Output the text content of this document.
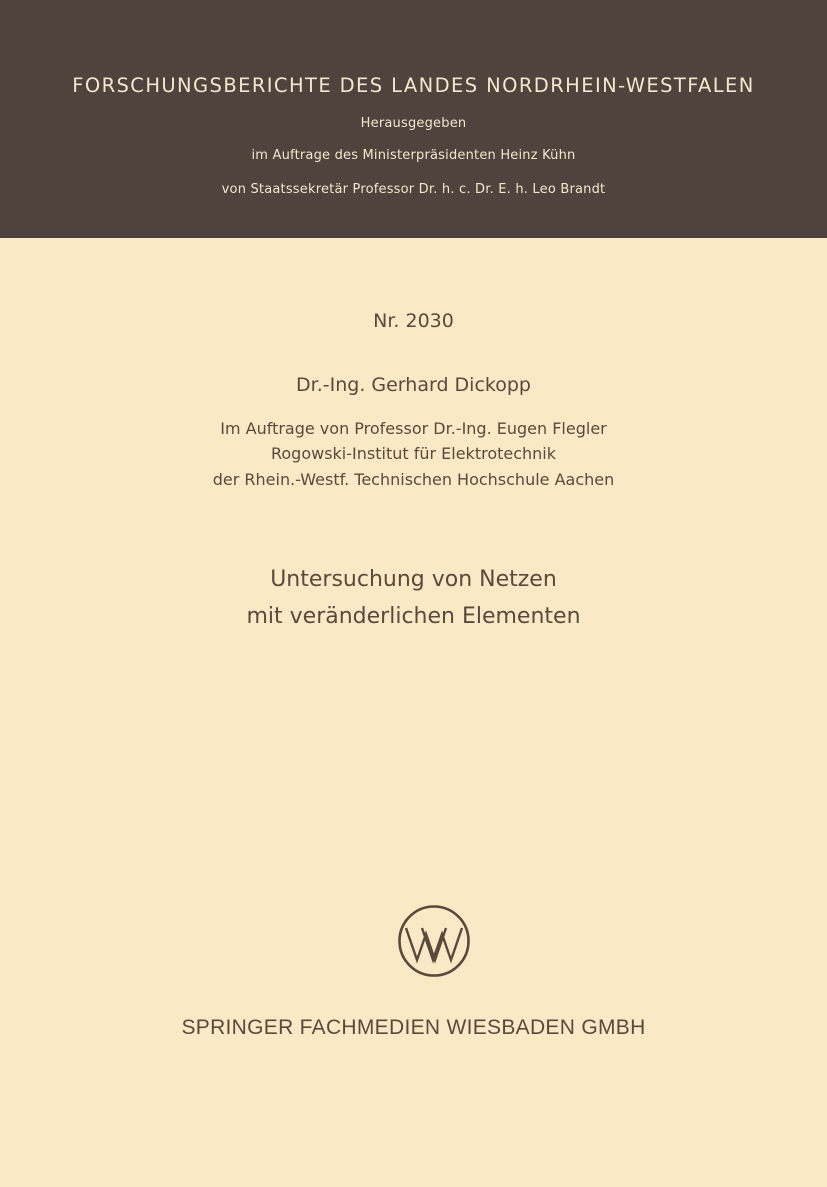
FORSCHUNGSBERICHTE DES LANDES NORDRHEIN-WESTFALEN
Herausgegeben
im Auftrage des Ministerpräsidenten Heinz Kühn
von Staatssekretär Professor Dr. h. c. Dr. E. h. Leo Brandt
Nr. 2030
Dr.-Ing. Gerhard Dickopp
Im Auftrage von Professor Dr.-Ing. Eugen Flegler
Rogowski-Institut für Elektrotechnik
der Rhein.-Westf. Technischen Hochschule Aachen
Untersuchung von Netzen
mit veränderlichen Elementen
SPRINGER FACHMEDIEN WIESBADEN GMBH
